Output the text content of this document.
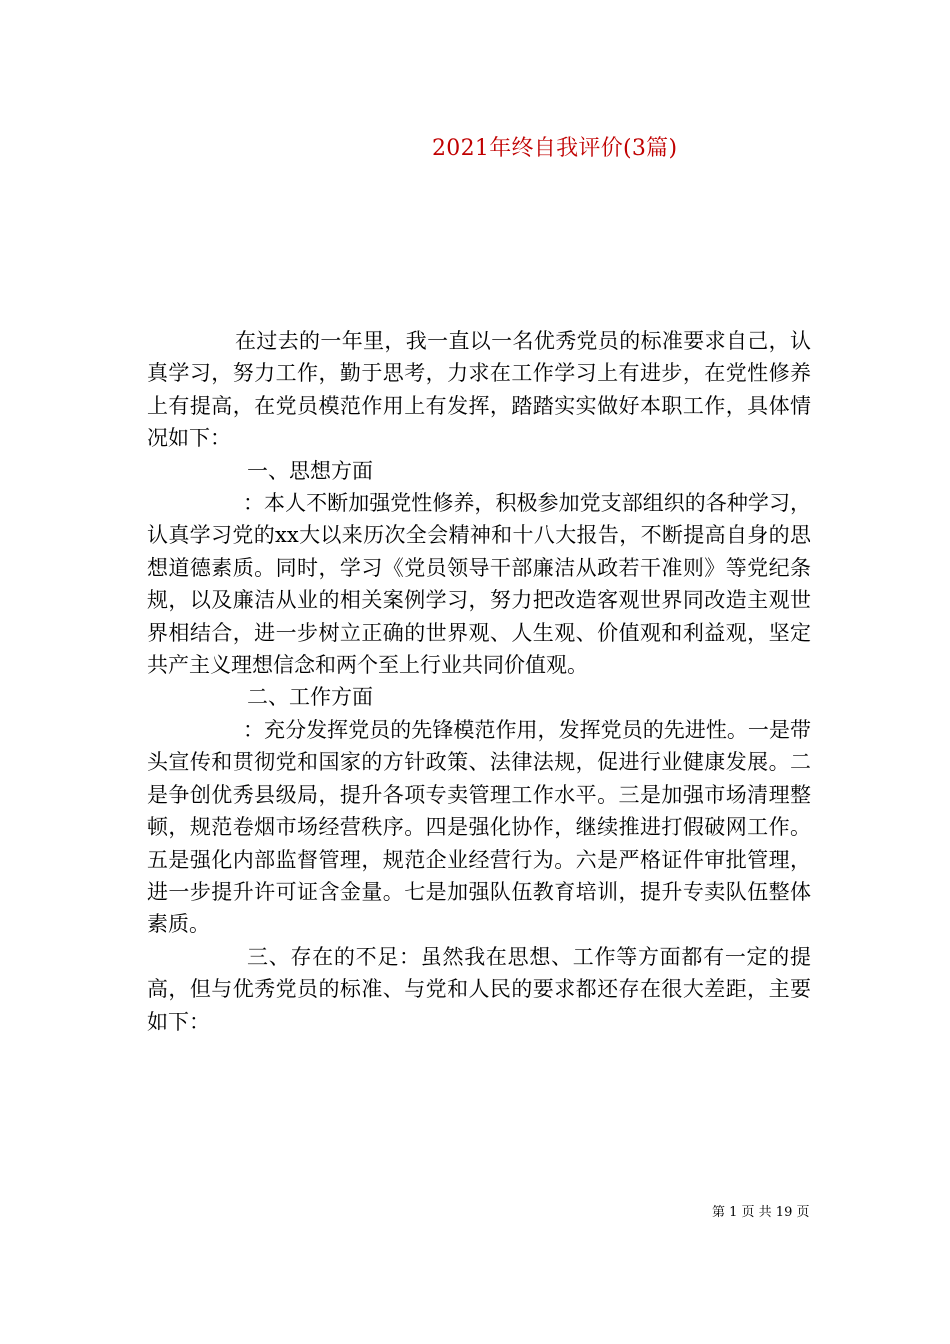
2021年终自我评价(3篇)

在过去的一年里，我一直以一名优秀党员的标准要求自己，认真学习，努力工作，勤于思考，力求在工作学习上有进步，在党性修养上有提高，在党员模范作用上有发挥，踏踏实实做好本职工作，具体情况如下：

一、思想方面

：本人不断加强党性修养，积极参加党支部组织的各种学习，认真学习党的xx大以来历次全会精神和十八大报告，不断提高自身的思想道德素质。同时，学习《党员领导干部廉洁从政若干准则》等党纪条规，以及廉洁从业的相关案例学习，努力把改造客观世界同改造主观世界相结合，进一步树立正确的世界观、人生观、价值观和利益观，坚定共产主义理想信念和两个至上行业共同价值观。

二、工作方面

：充分发挥党员的先锋模范作用，发挥党员的先进性。一是带头宣传和贯彻党和国家的方针政策、法律法规，促进行业健康发展。二是争创优秀县级局，提升各项专卖管理工作水平。三是加强市场清理整顿，规范卷烟市场经营秩序。四是强化协作，继续推进打假破网工作。五是强化内部监督管理，规范企业经营行为。六是严格证件审批管理，进一步提升许可证含金量。七是加强队伍教育培训，提升专卖队伍整体素质。

三、存在的不足：虽然我在思想、工作等方面都有一定的提高，但与优秀党员的标准、与党和人民的要求都还存在很大差距，主要如下：

第 1 页 共 19 页
